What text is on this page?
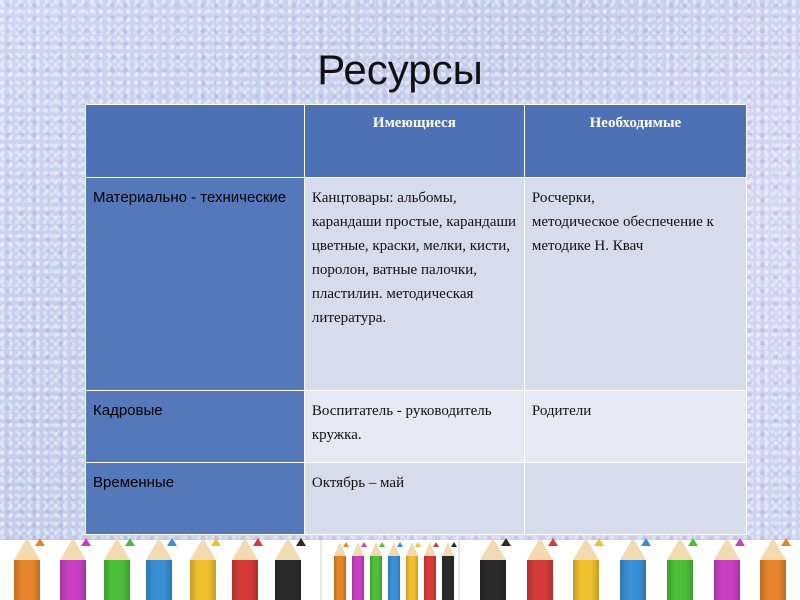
Ресурсы
	Имеющиеся	Необходимые
Материально - технические	Канцтовары: альбомы, карандаши простые, карандаши цветные, краски, мелки, кисти, поролон, ватные палочки, пластилин. методическая литература.	Росчерки,
методическое обеспечение к методике Н. Квач
Кадровые	Воспитатель - руководитель кружка.	Родители
Временные	Октябрь – май	
